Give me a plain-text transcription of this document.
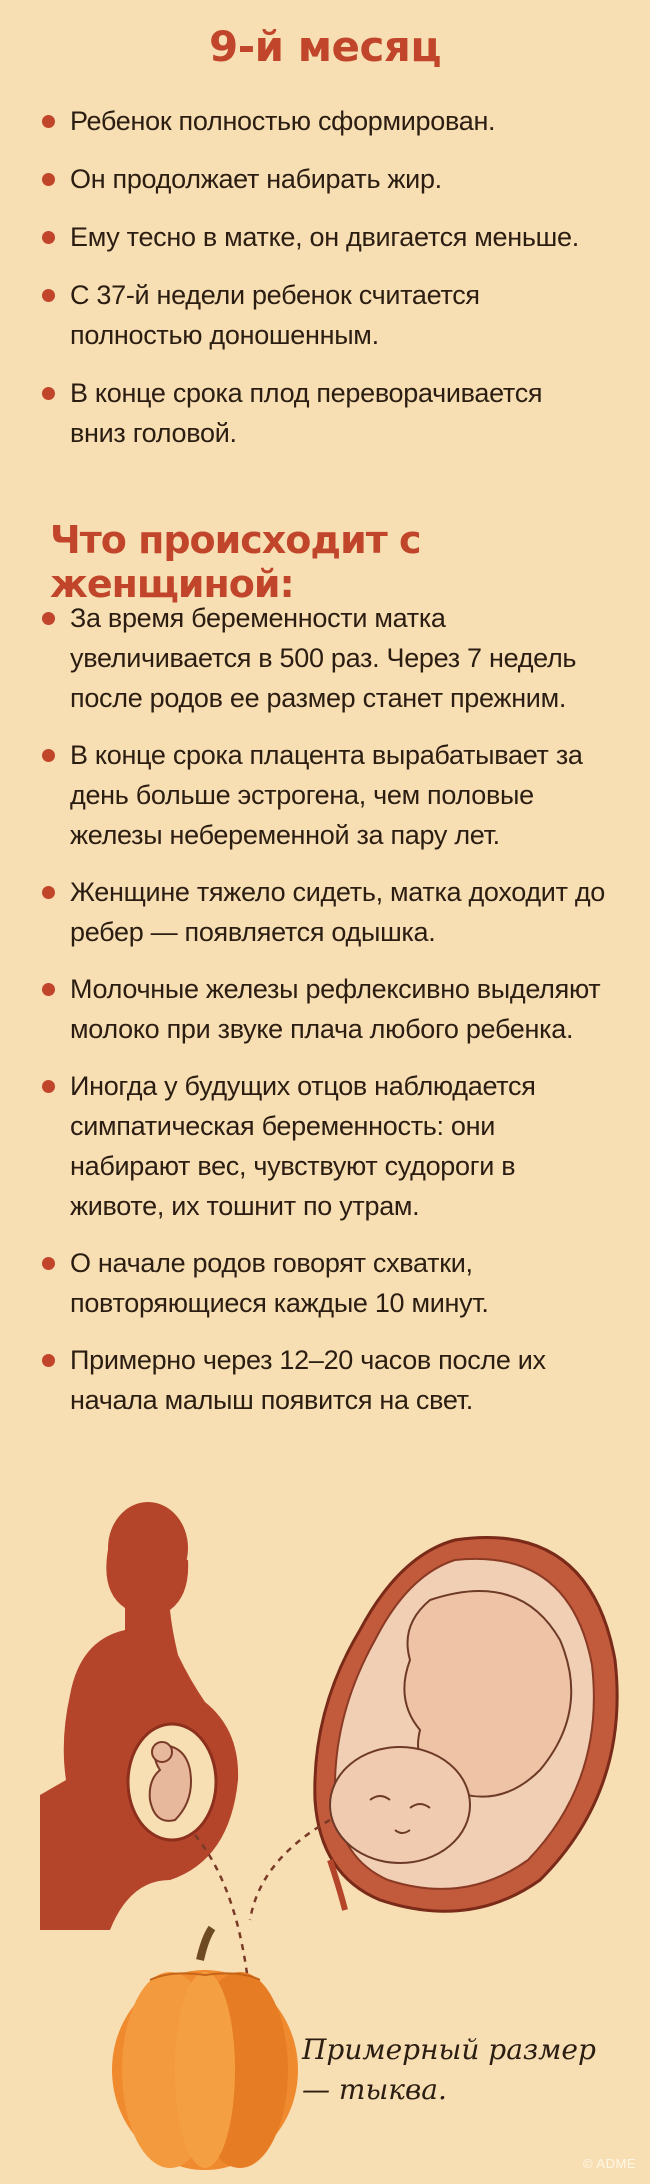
9-й месяц
Ребенок полностью сформирован.
Он продолжает набирать жир.
Ему тесно в матке, он двигается меньше.
С 37-й недели ребенок считается полностью доношенным.
В конце срока плод переворачивается вниз головой.
Что происходит с женщиной:
За время беременности матка увеличивается в 500 раз. Через 7 недель после родов ее размер станет прежним.
В конце срока плацента вырабатывает за день больше эстрогена, чем половые железы небеременной за пару лет.
Женщине тяжело сидеть, матка доходит до ребер — появляется одышка.
Молочные железы рефлексивно выделяют молоко при звуке плача любого ребенка.
Иногда у будущих отцов наблюдается симпатическая беременность: они набирают вес, чувствуют судороги в животе, их тошнит по утрам.
О начале родов говорят схватки, повторяющиеся каждые 10 минут.
Примерно через 12–20 часов после их начала малыш появится на свет.
Примерный размер — тыква.
© ADME
